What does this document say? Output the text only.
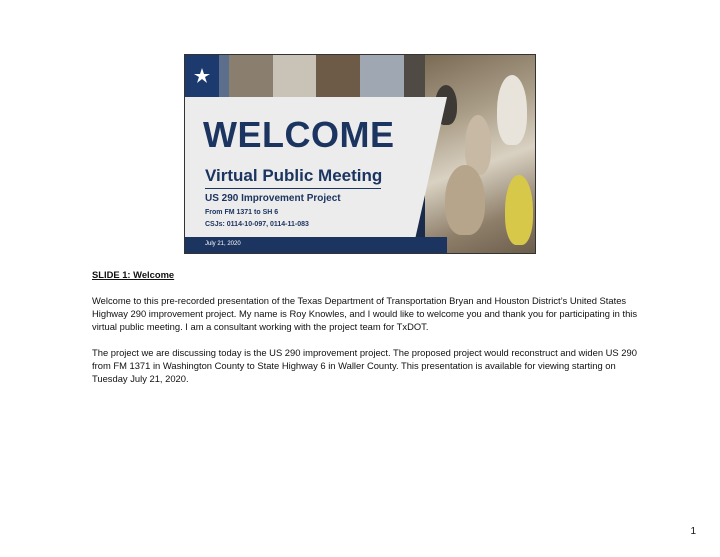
WELCOME
Virtual Public Meeting
US 290 Improvement Project
From FM 1371 to SH 6
CSJs: 0114-10-097, 0114-11-083
July 21, 2020
SLIDE 1: Welcome

Welcome to this pre-recorded presentation of the Texas Department of Transportation Bryan and Houston District’s United States Highway 290 improvement project. My name is Roy Knowles, and I would like to welcome you and thank you for participating in this virtual public meeting. I am a consultant working with the project team for TxDOT.

The project we are discussing today is the US 290 improvement project. The proposed project would reconstruct and widen US 290 from FM 1371 in Washington County to State Highway 6 in Waller County. This presentation is available for viewing starting on Tuesday July 21, 2020.

1
